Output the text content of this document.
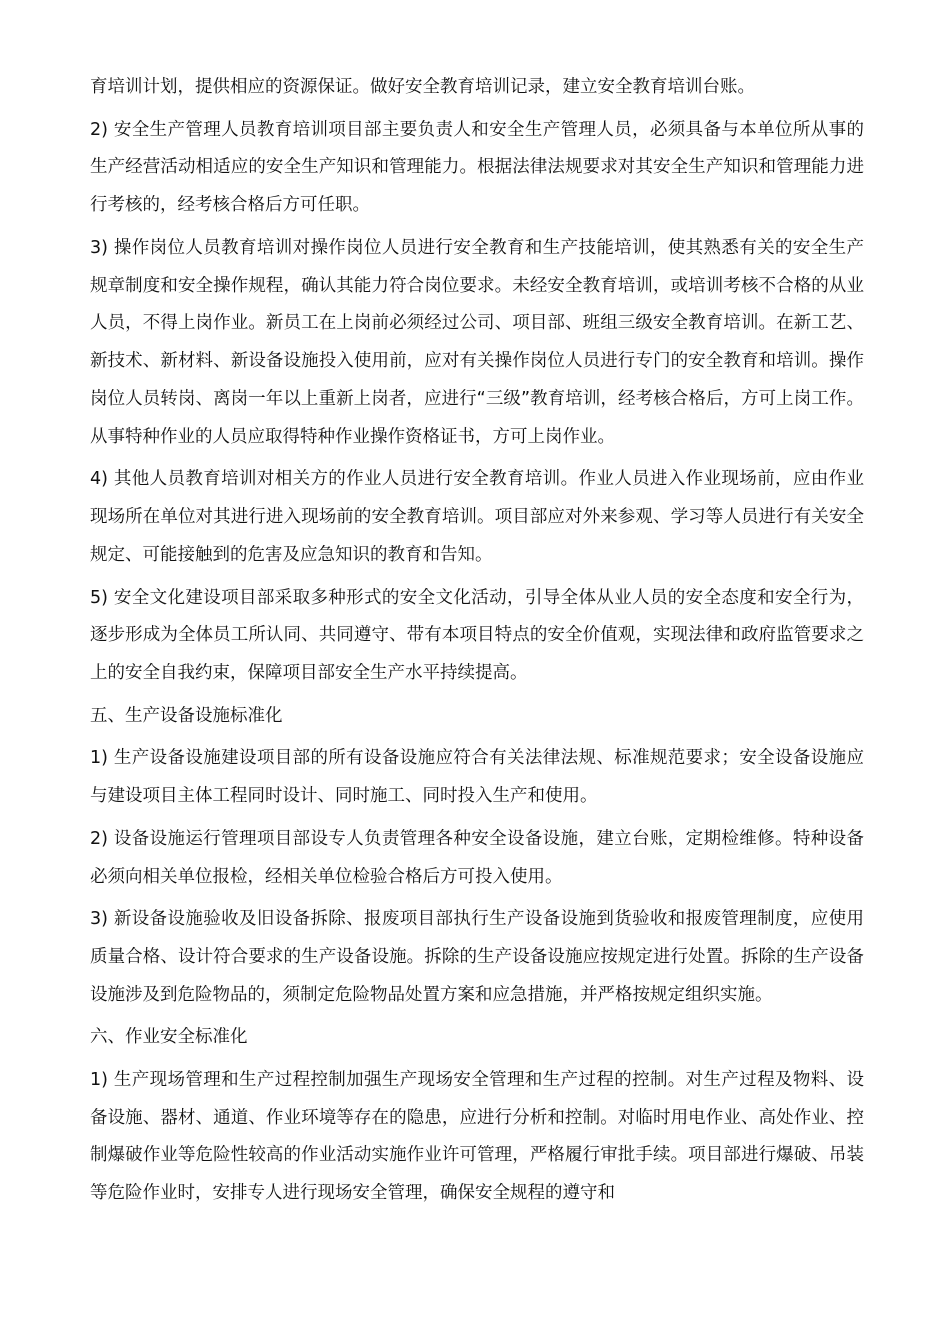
育培训计划，提供相应的资源保证。做好安全教育培训记录，建立安全教育培训台账。

2) 安全生产管理人员教育培训项目部主要负责人和安全生产管理人员，必须具备与本单位所从事的生产经营活动相适应的安全生产知识和管理能力。根据法律法规要求对其安全生产知识和管理能力进行考核的，经考核合格后方可任职。

3) 操作岗位人员教育培训对操作岗位人员进行安全教育和生产技能培训，使其熟悉有关的安全生产规章制度和安全操作规程，确认其能力符合岗位要求。未经安全教育培训，或培训考核不合格的从业人员，不得上岗作业。新员工在上岗前必须经过公司、项目部、班组三级安全教育培训。在新工艺、新技术、新材料、新设备设施投入使用前，应对有关操作岗位人员进行专门的安全教育和培训。操作岗位人员转岗、离岗一年以上重新上岗者，应进行“三级”教育培训，经考核合格后，方可上岗工作。从事特种作业的人员应取得特种作业操作资格证书，方可上岗作业。

4) 其他人员教育培训对相关方的作业人员进行安全教育培训。作业人员进入作业现场前，应由作业现场所在单位对其进行进入现场前的安全教育培训。项目部应对外来参观、学习等人员进行有关安全规定、可能接触到的危害及应急知识的教育和告知。

5) 安全文化建设项目部采取多种形式的安全文化活动，引导全体从业人员的安全态度和安全行为，逐步形成为全体员工所认同、共同遵守、带有本项目特点的安全价值观，实现法律和政府监管要求之上的安全自我约束，保障项目部安全生产水平持续提高。

五、生产设备设施标准化

1) 生产设备设施建设项目部的所有设备设施应符合有关法律法规、标准规范要求；安全设备设施应与建设项目主体工程同时设计、同时施工、同时投入生产和使用。

2) 设备设施运行管理项目部设专人负责管理各种安全设备设施，建立台账，定期检维修。特种设备必须向相关单位报检，经相关单位检验合格后方可投入使用。

3) 新设备设施验收及旧设备拆除、报废项目部执行生产设备设施到货验收和报废管理制度，应使用质量合格、设计符合要求的生产设备设施。拆除的生产设备设施应按规定进行处置。拆除的生产设备设施涉及到危险物品的，须制定危险物品处置方案和应急措施，并严格按规定组织实施。

六、作业安全标准化

1) 生产现场管理和生产过程控制加强生产现场安全管理和生产过程的控制。对生产过程及物料、设备设施、器材、通道、作业环境等存在的隐患，应进行分析和控制。对临时用电作业、高处作业、控制爆破作业等危险性较高的作业活动实施作业许可管理，严格履行审批手续。项目部进行爆破、吊装等危险作业时，安排专人进行现场安全管理，确保安全规程的遵守和
